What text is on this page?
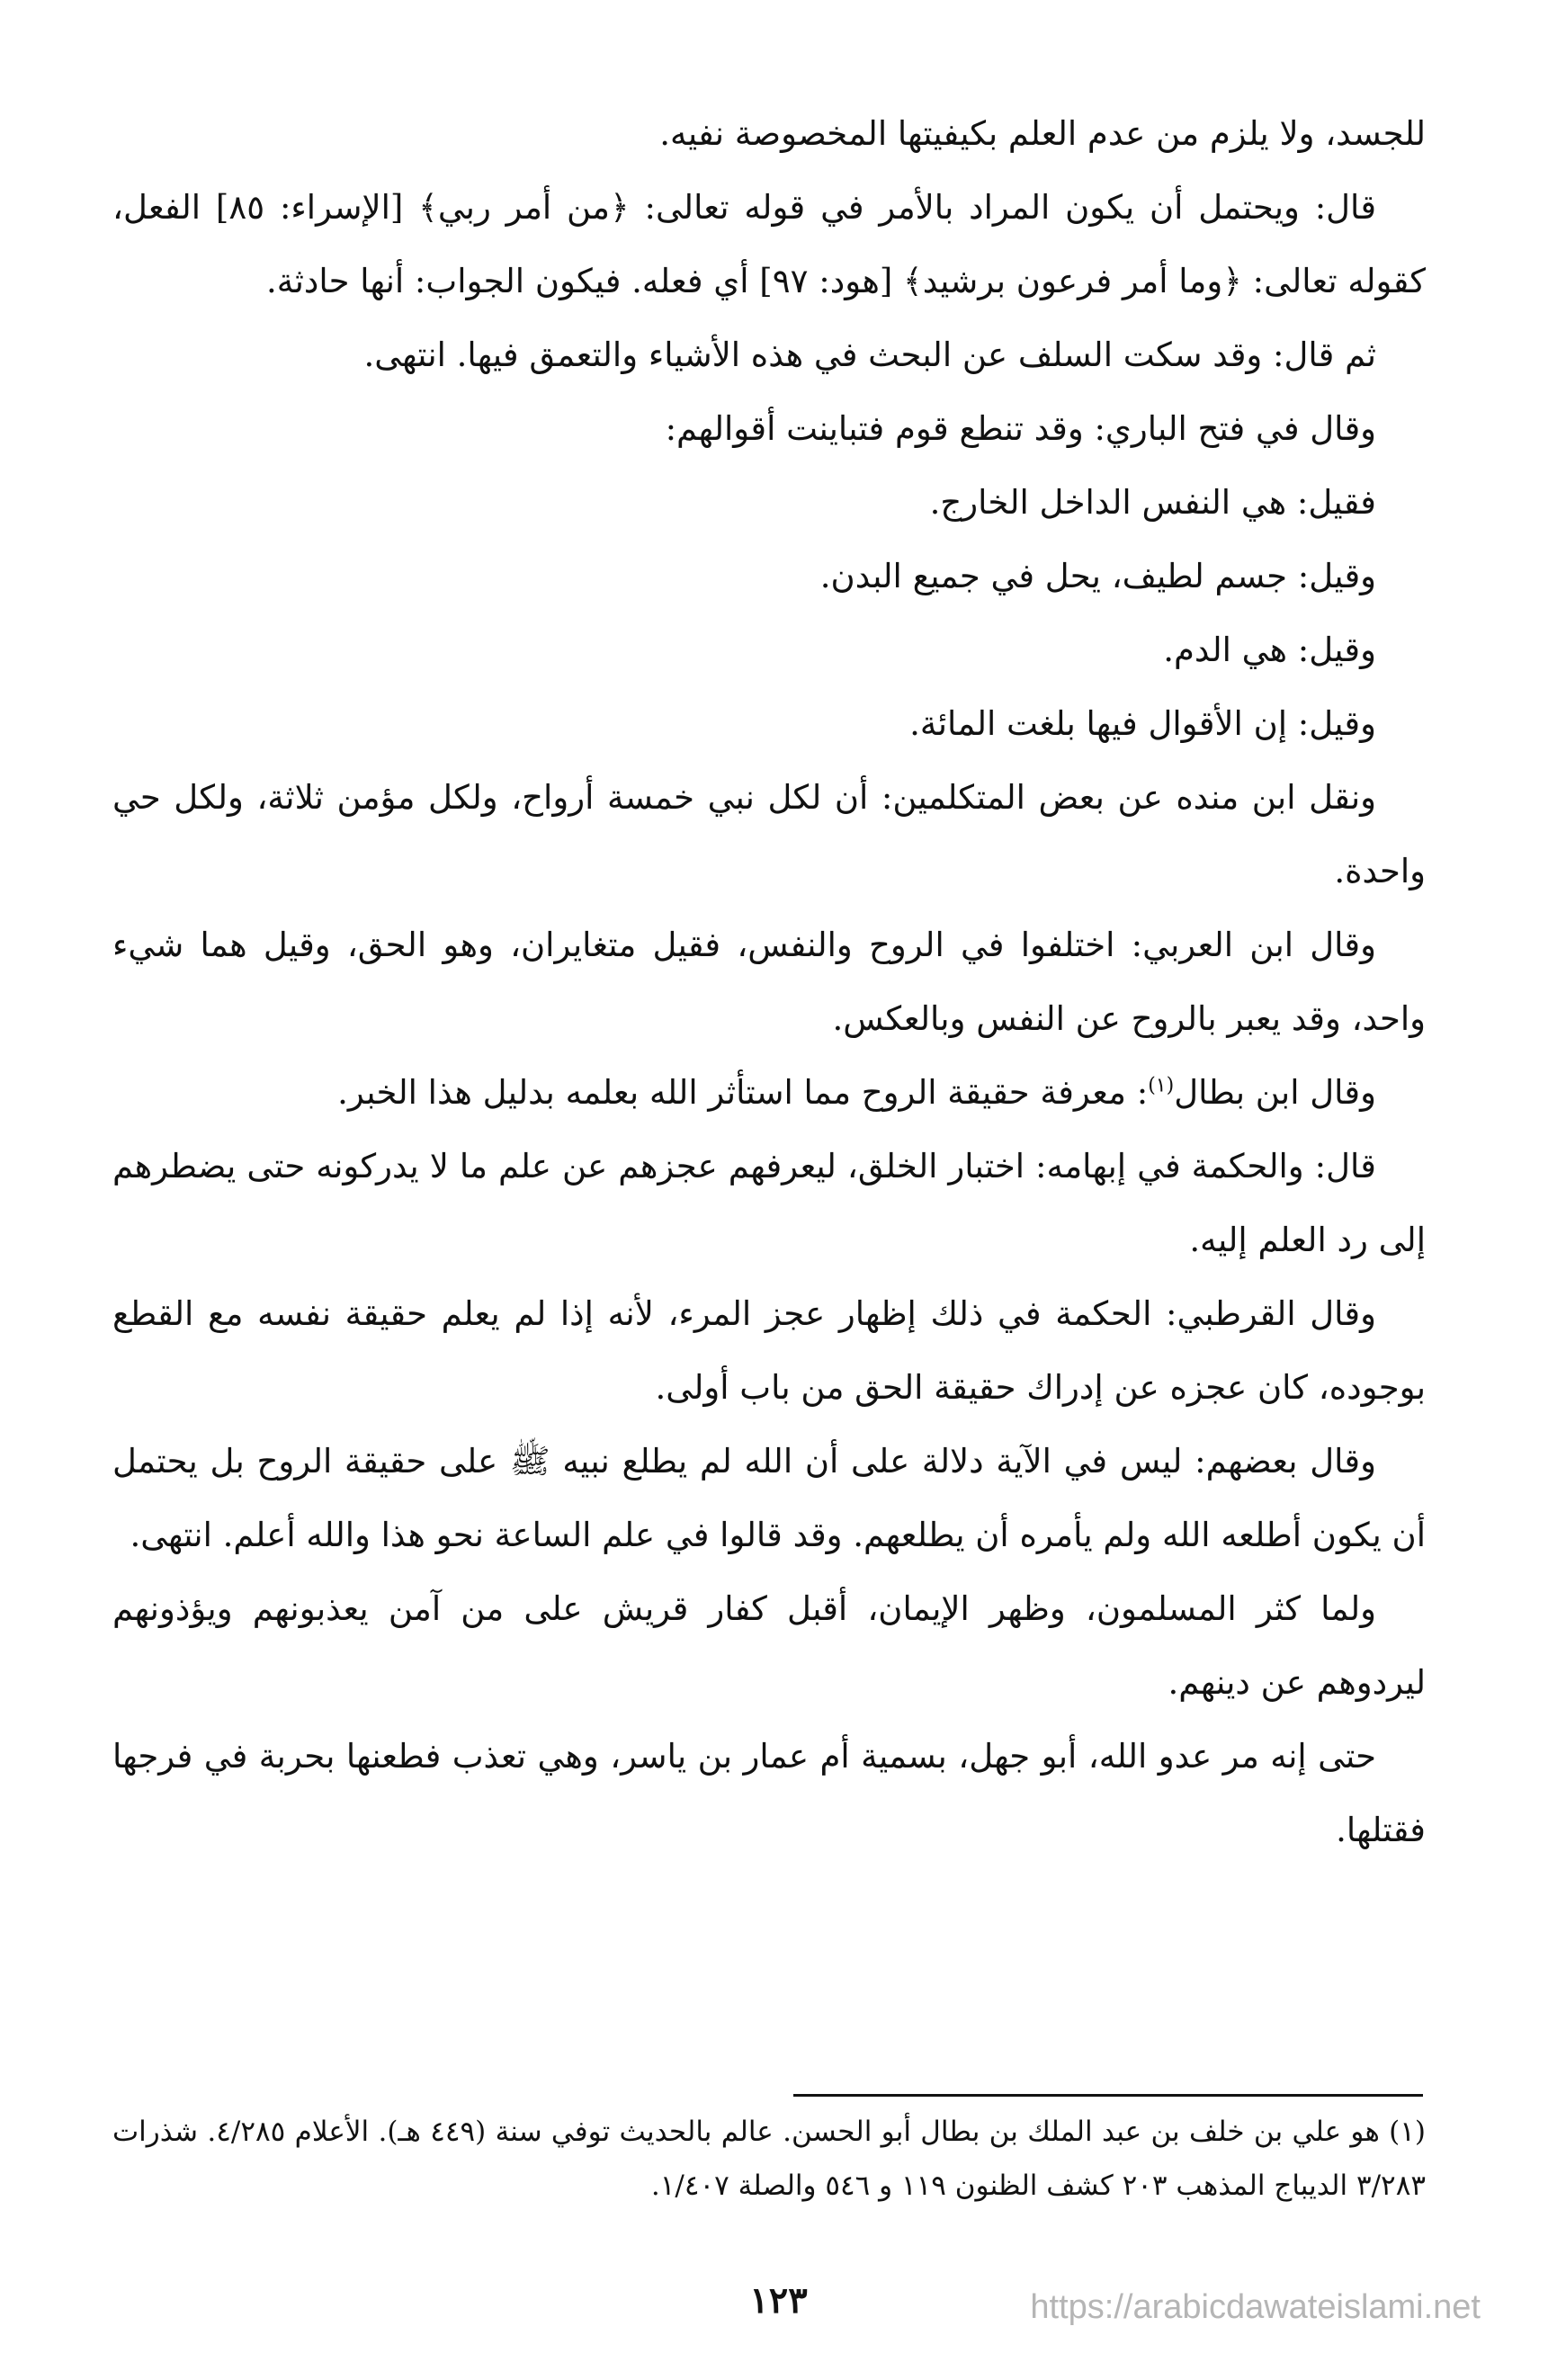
للجسد، ولا يلزم من عدم العلم بكيفيتها المخصوصة نفيه.

قال: ويحتمل أن يكون المراد بالأمر في قوله تعالى: ﴿من أمر ربي﴾ [الإسراء: ٨٥] الفعل، كقوله تعالى: ﴿وما أمر فرعون برشيد﴾ [هود: ٩٧] أي فعله. فيكون الجواب: أنها حادثة.

ثم قال: وقد سكت السلف عن البحث في هذه الأشياء والتعمق فيها. انتهى.

وقال في فتح الباري: وقد تنطع قوم فتباينت أقوالهم:

فقيل: هي النفس الداخل الخارج.

وقيل: جسم لطيف، يحل في جميع البدن.

وقيل: هي الدم.

وقيل: إن الأقوال فيها بلغت المائة.

ونقل ابن منده عن بعض المتكلمين: أن لكل نبي خمسة أرواح، ولكل مؤمن ثلاثة، ولكل حي واحدة.

وقال ابن العربي: اختلفوا في الروح والنفس، فقيل متغايران، وهو الحق، وقيل هما شيء واحد، وقد يعبر بالروح عن النفس وبالعكس.

وقال ابن بطال$^{(١)}$: معرفة حقيقة الروح مما استأثر الله بعلمه بدليل هذا الخبر.

قال: والحكمة في إبهامه: اختبار الخلق، ليعرفهم عجزهم عن علم ما لا يدركونه حتى يضطرهم إلى رد العلم إليه.

وقال القرطبي: الحكمة في ذلك إظهار عجز المرء، لأنه إذا لم يعلم حقيقة نفسه مع القطع بوجوده، كان عجزه عن إدراك حقيقة الحق من باب أولى.

وقال بعضهم: ليس في الآية دلالة على أن الله لم يطلع نبيه ﷺ على حقيقة الروح بل يحتمل أن يكون أطلعه الله ولم يأمره أن يطلعهم. وقد قالوا في علم الساعة نحو هذا والله أعلم. انتهى.

ولما كثر المسلمون، وظهر الإيمان، أقبل كفار قريش على من آمن يعذبونهم ويؤذونهم ليردوهم عن دينهم.

حتى إنه مر عدو الله، أبو جهل، بسمية أم عمار بن ياسر، وهي تعذب فطعنها بحربة في فرجها فقتلها.

(١) هو علي بن خلف بن عبد الملك بن بطال أبو الحسن. عالم بالحديث توفي سنة (٤٤٩ هـ). الأعلام ٤/٢٨٥. شذرات ٣/٢٨٣ الديباج المذهب ٢٠٣ كشف الظنون ١١٩ و ٥٤٦ والصلة ١/٤٠٧.

١٢٣	https://arabicdawateislami.net
